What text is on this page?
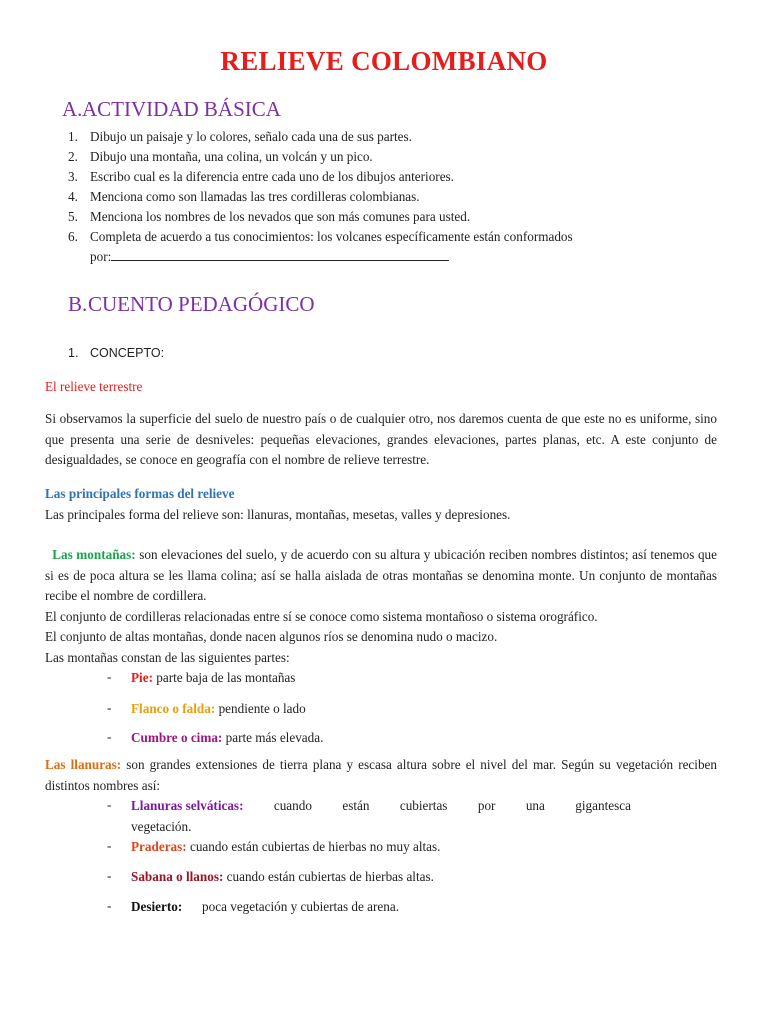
RELIEVE COLOMBIANO
A.ACTIVIDAD BÁSICA
1. Dibujo un paisaje y lo colores, señalo cada una de sus partes.
2. Dibujo una montaña, una colina, un volcán y un pico.
3. Escribo cual es la diferencia entre cada uno de los dibujos anteriores.
4. Menciona como son llamadas las tres cordilleras colombianas.
5. Menciona los nombres de los nevados que son más comunes para usted.
6. Completa de acuerdo a tus conocimientos: los volcanes específicamente están conformados
por:
B.CUENTO PEDAGÓGICO
1. CONCEPTO:
El relieve terrestre
Si observamos la superficie del suelo de nuestro país o de cualquier otro, nos daremos cuenta de que este no es uniforme, sino que presenta una serie de desniveles: pequeñas elevaciones, grandes elevaciones, partes planas, etc. A este conjunto de desigualdades, se conoce en geografía con el nombre de relieve terrestre.
Las principales formas del relieve
Las principales forma del relieve son: llanuras, montañas, mesetas, valles y depresiones.
Las montañas: son elevaciones del suelo, y de acuerdo con su altura y ubicación reciben nombres distintos; así tenemos que si es de poca altura se les llama colina; así se halla aislada de otras montañas se denomina monte. Un conjunto de montañas recibe el nombre de cordillera.
El conjunto de cordilleras relacionadas entre sí se conoce como sistema montañoso o sistema orográfico.
El conjunto de altas montañas, donde nacen algunos ríos se denomina nudo o macizo.
Las montañas constan de las siguientes partes:
- Pie: parte baja de las montañas
- Flanco o falda: pendiente o lado
- Cumbre o cima: parte más elevada.
Las llanuras: son grandes extensiones de tierra plana y escasa altura sobre el nivel del mar. Según su vegetación reciben distintos nombres así:
- Llanuras selváticas: cuando están cubiertas por una gigantesca
vegetación.
- Praderas: cuando están cubiertas de hierbas no muy altas.
- Sabana o llanos: cuando están cubiertas de hierbas altas.
- Desierto: poca vegetación y cubiertas de arena.
